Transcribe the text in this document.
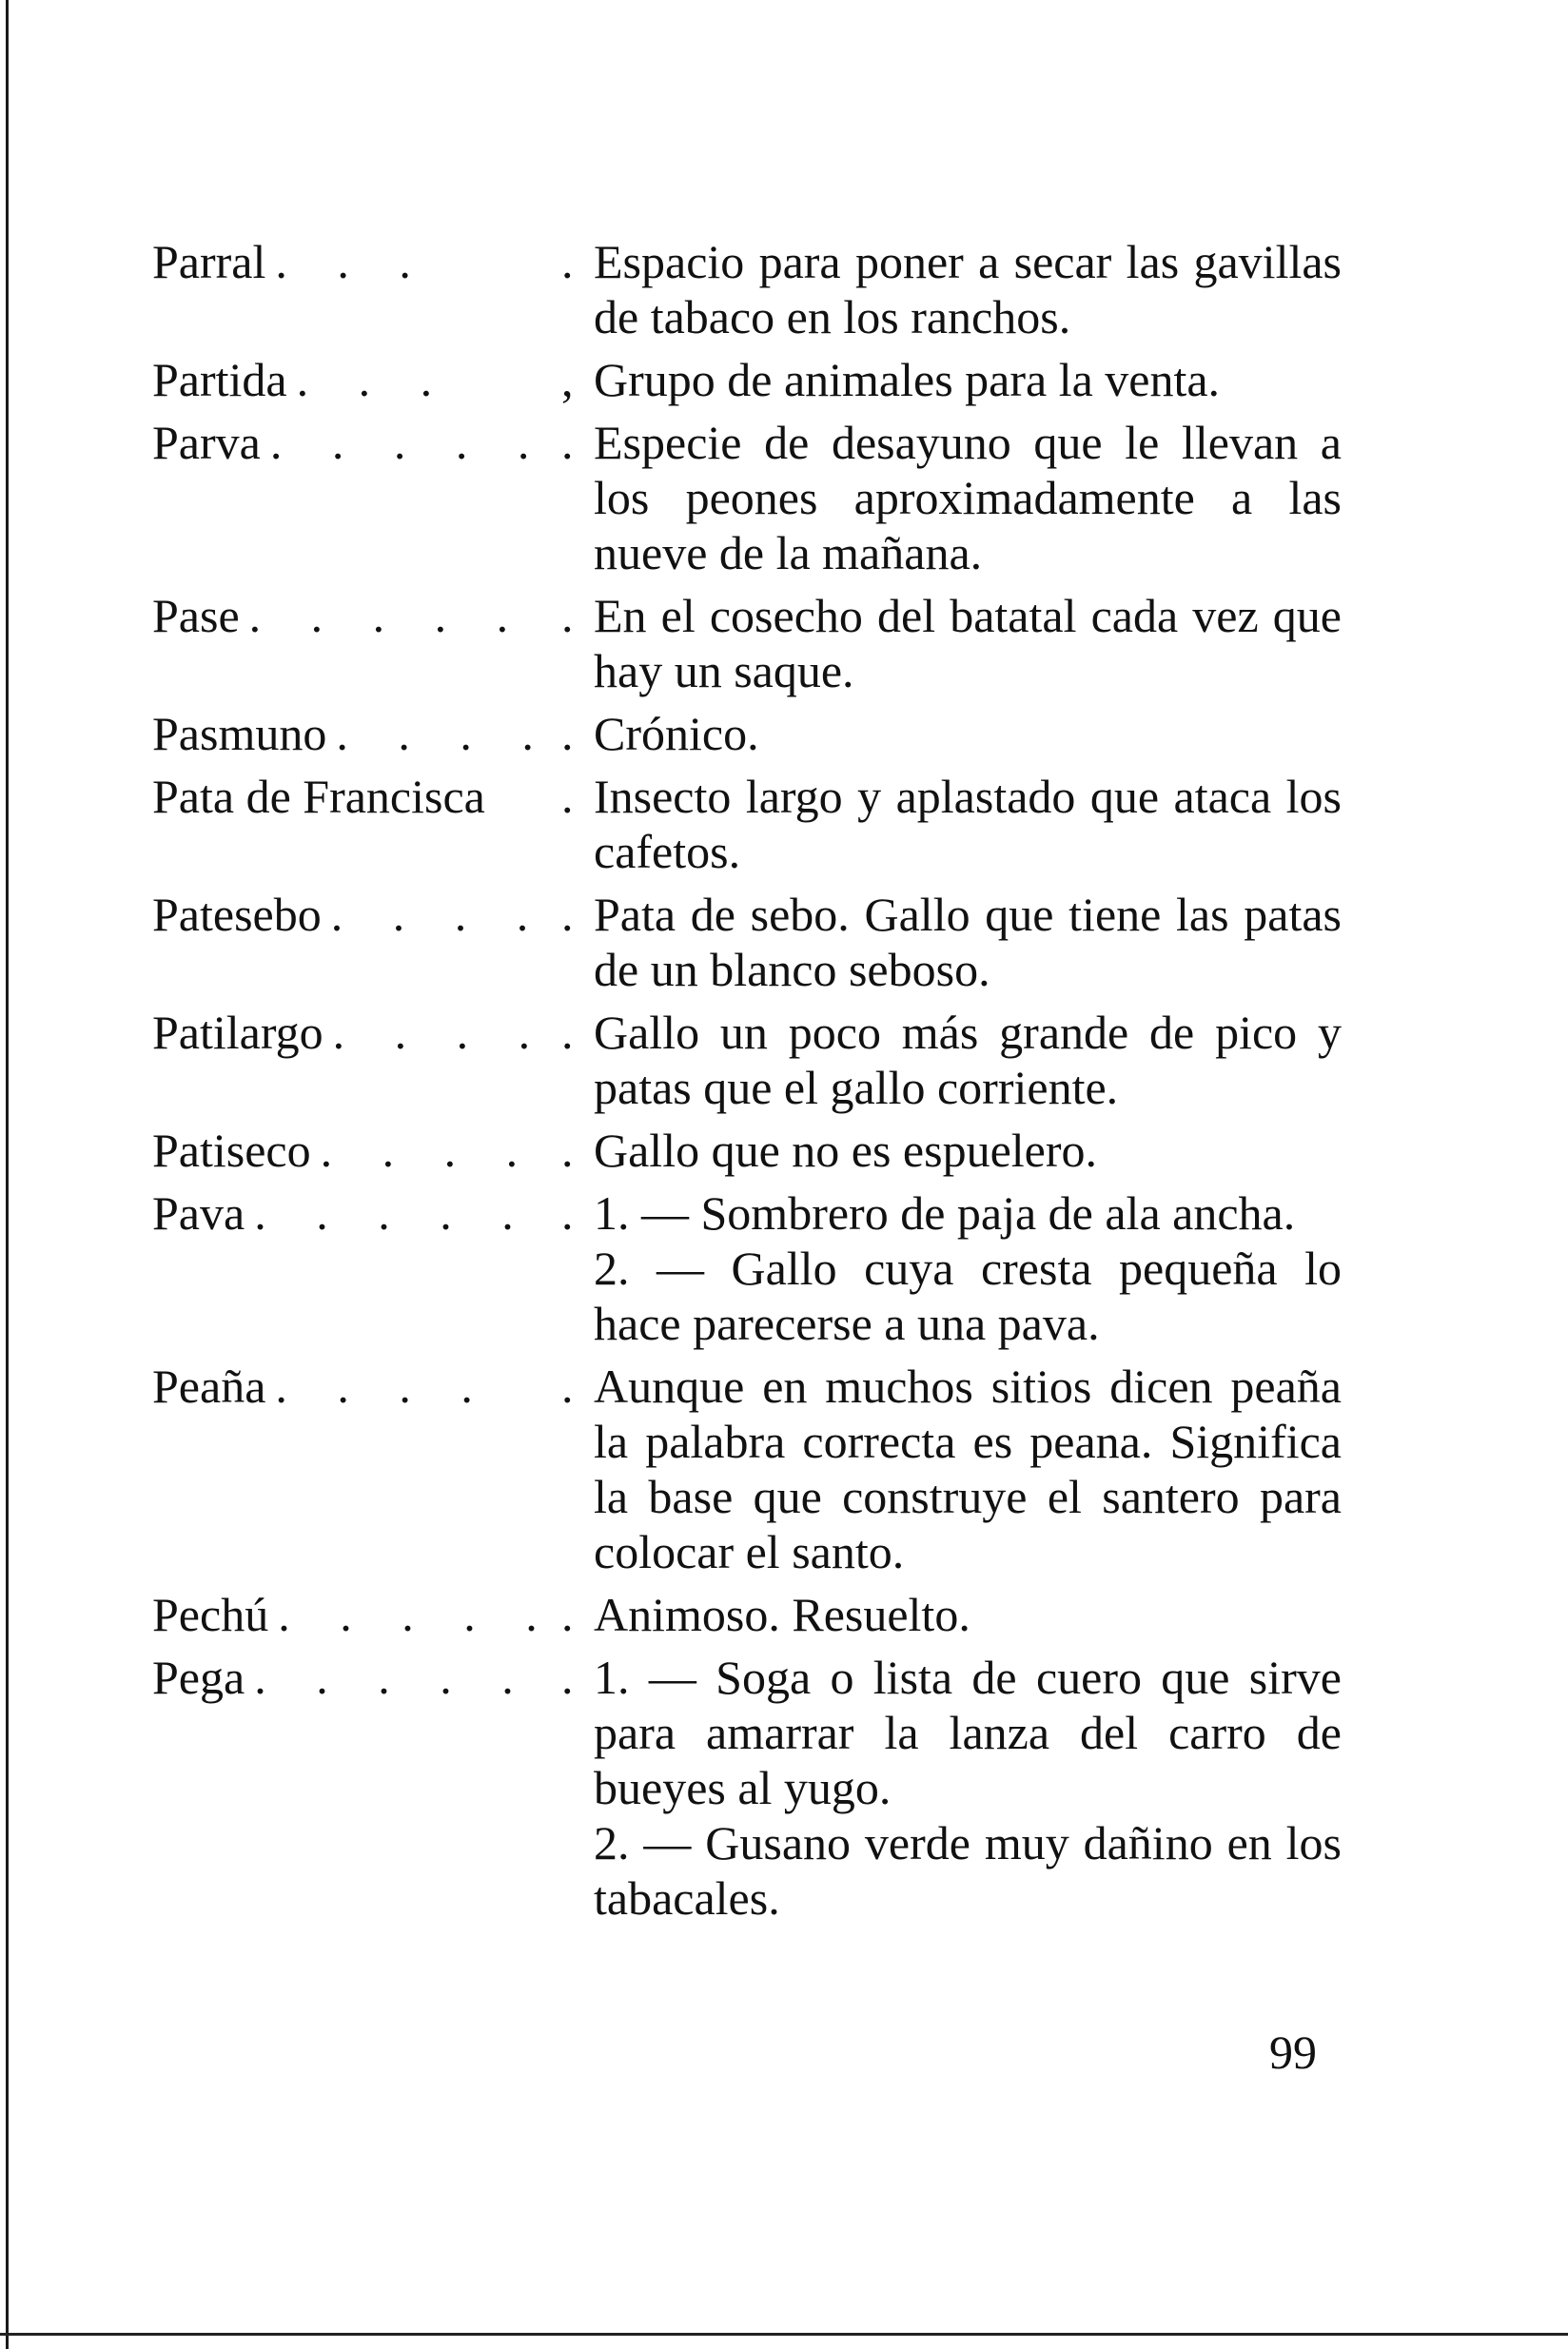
Parral . . .	. Espacio para poner a secar las gavillas de tabaco en los ranchos.
Partida . . .	, Grupo de animales para la venta.
Parva . . . . . . Especie de desayuno que le llevan a los peones aproximadamente a las nueve de la mañana.
Pase . . . . . . En el cosecho del batatal cada vez que hay un saque.
Pasmuno . . . . . Crónico.
Pata de Francisca	. Insecto largo y aplastado que ataca los cafetos.
Patesebo . . . . . Pata de sebo. Gallo que tiene las patas de un blanco seboso.
Patilargo . . . . . Gallo un poco más grande de pico y patas que el gallo corriente.
Patiseco . . . . . Gallo que no es espuelero.
Pava . . . . . . 1. — Sombrero de paja de ala ancha.
2. — Gallo cuya cresta pequeña lo hace parecerse a una pava.
Peaña . . . .	. Aunque en muchos sitios dicen peaña la palabra correcta es peana. Significa la base que construye el santero para colocar el santo.
Pechú . . . . . . Animoso. Resuelto.
Pega . . . . . . 1. — Soga o lista de cuero que sirve para amarrar la lanza del carro de bueyes al yugo.
2. — Gusano verde muy dañino en los tabacales.
99
